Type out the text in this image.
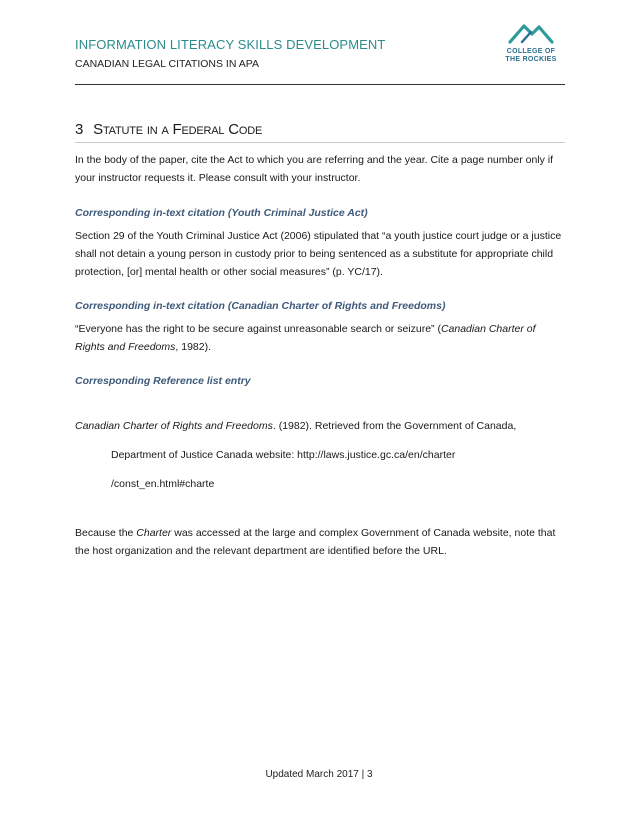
INFORMATION LITERACY SKILLS DEVELOPMENT
CANADIAN LEGAL CITATIONS IN APA
COLLEGE OF
THE ROCKIES
3 Statute in a Federal Code
In the body of the paper, cite the Act to which you are referring and the year. Cite a page number only if your instructor requests it. Please consult with your instructor.
Corresponding in-text citation (Youth Criminal Justice Act)
Section 29 of the Youth Criminal Justice Act (2006) stipulated that “a youth justice court judge or a justice shall not detain a young person in custody prior to being sentenced as a substitute for appropriate child protection, [or] mental health or other social measures” (p. YC/17).
Corresponding in-text citation (Canadian Charter of Rights and Freedoms)
“Everyone has the right to be secure against unreasonable search or seizure” (Canadian Charter of Rights and Freedoms, 1982).
Corresponding Reference list entry
Canadian Charter of Rights and Freedoms. (1982). Retrieved from the Government of Canada,
Department of Justice Canada website: http://laws.justice.gc.ca/en/charter
/const_en.html#charte
Because the Charter was accessed at the large and complex Government of Canada website, note that the host organization and the relevant department are identified before the URL.
Updated March 2017 | 3
